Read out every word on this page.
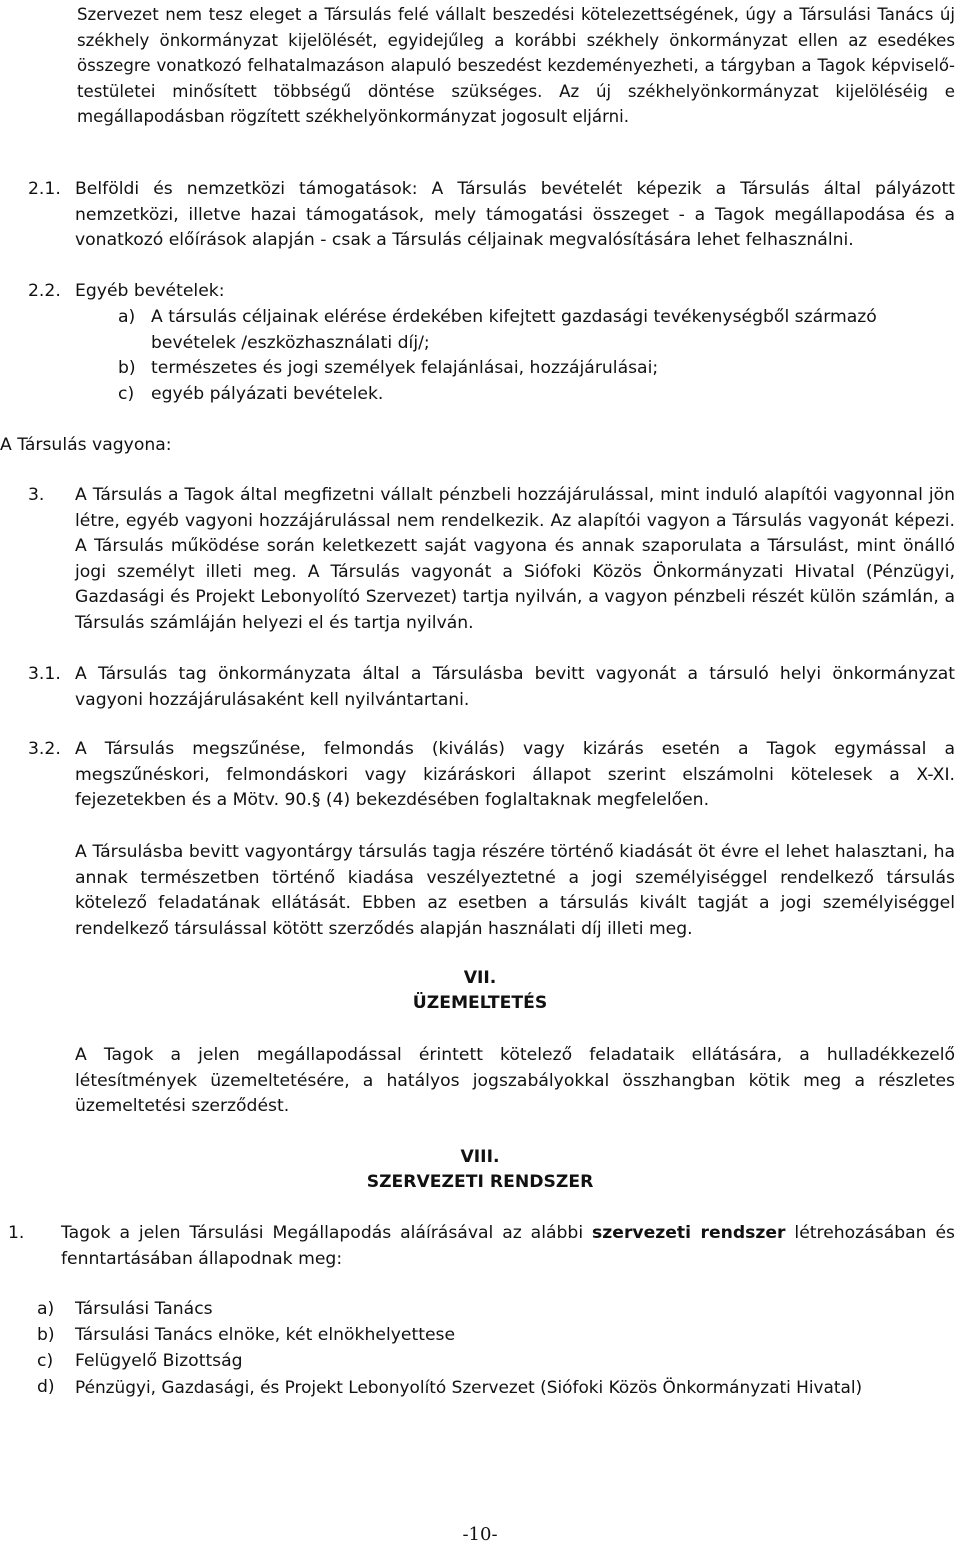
Szervezet nem tesz eleget a Társulás felé vállalt beszedési kötelezettségének, úgy a Társulási Tanács új székhely önkormányzat kijelölését, egyidejűleg a korábbi székhely önkormányzat ellen az esedékes összegre vonatkozó felhatalmazáson alapuló beszedést kezdeményezheti, a tárgyban a Tagok képviselő-testületei minősített többségű döntése szükséges. Az új székhelyönkormányzat kijelöléséig e megállapodásban rögzített székhelyönkormányzat jogosult eljárni.
2.1. Belföldi és nemzetközi támogatások: A Társulás bevételét képezik a Társulás által pályázott nemzetközi, illetve hazai támogatások, mely támogatási összeget - a Tagok megállapodása és a vonatkozó előírások alapján - csak a Társulás céljainak megvalósítására lehet felhasználni.
2.2. Egyéb bevételek:
a) A társulás céljainak elérése érdekében kifejtett gazdasági tevékenységből származó bevételek /eszközhasználati díj/;
b) természetes és jogi személyek felajánlásai, hozzájárulásai;
c) egyéb pályázati bevételek.
A Társulás vagyona:
3. A Társulás a Tagok által megfizetni vállalt pénzbeli hozzájárulással, mint induló alapítói vagyonnal jön létre, egyéb vagyoni hozzájárulással nem rendelkezik. Az alapítói vagyon a Társulás vagyonát képezi. A Társulás működése során keletkezett saját vagyona és annak szaporulata a Társulást, mint önálló jogi személyt illeti meg. A Társulás vagyonát a Siófoki Közös Önkormányzati Hivatal (Pénzügyi, Gazdasági és Projekt Lebonyolító Szervezet) tartja nyilván, a vagyon pénzbeli részét külön számlán, a Társulás számláján helyezi el és tartja nyilván.
3.1. A Társulás tag önkormányzata által a Társulásba bevitt vagyonát a társuló helyi önkormányzat vagyoni hozzájárulásaként kell nyilvántartani.
3.2. A Társulás megszűnése, felmondás (kiválás) vagy kizárás esetén a Tagok egymással a megszűnéskori, felmondáskori vagy kizáráskori állapot szerint elszámolni kötelesek a X-XI. fejezetekben és a Mötv. 90.§ (4) bekezdésében foglaltaknak megfelelően.
A Társulásba bevitt vagyontárgy társulás tagja részére történő kiadását öt évre el lehet halasztani, ha annak természetben történő kiadása veszélyeztetné a jogi személyiséggel rendelkező társulás kötelező feladatának ellátását. Ebben az esetben a társulás kivált tagját a jogi személyiséggel rendelkező társulással kötött szerződés alapján használati díj illeti meg.
VII.
ÜZEMELTETÉS
A Tagok a jelen megállapodással érintett kötelező feladataik ellátására, a hulladékkezelő létesítmények üzemeltetésére, a hatályos jogszabályokkal összhangban kötik meg a részletes üzemeltetési szerződést.
VIII.
SZERVEZETI RENDSZER
1. Tagok a jelen Társulási Megállapodás aláírásával az alábbi szervezeti rendszer létrehozásában és fenntartásában állapodnak meg:
a) Társulási Tanács
b) Társulási Tanács elnöke, két elnökhelyettese
c) Felügyelő Bizottság
d) Pénzügyi, Gazdasági, és Projekt Lebonyolító Szervezet (Siófoki Közös Önkormányzati Hivatal)
-10-
